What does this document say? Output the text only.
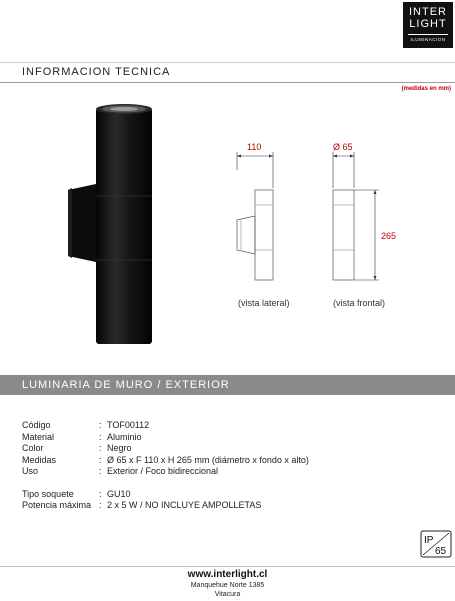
INTER
LIGHT
ILUMINACION
INFORMACION TECNICA
(medidas en mm)
110	Ø 65
265
(vista lateral)	(vista frontal)
LUMINARIA DE MURO / EXTERIOR
Código	: TOF00112
Material	: Aluminio
Color	: Negro
Medidas	: Ø 65 x F 110 x H 265 mm (diámetro x fondo x alto)
Uso	: Exterior / Foco bidireccional
Tipo soquete	: GU10
Potencia máxima : 2 x 5 W / NO INCLUYE AMPOLLETAS
IP
65
www.interlight.cl
Manquehue Norte 1385
Vitacura
